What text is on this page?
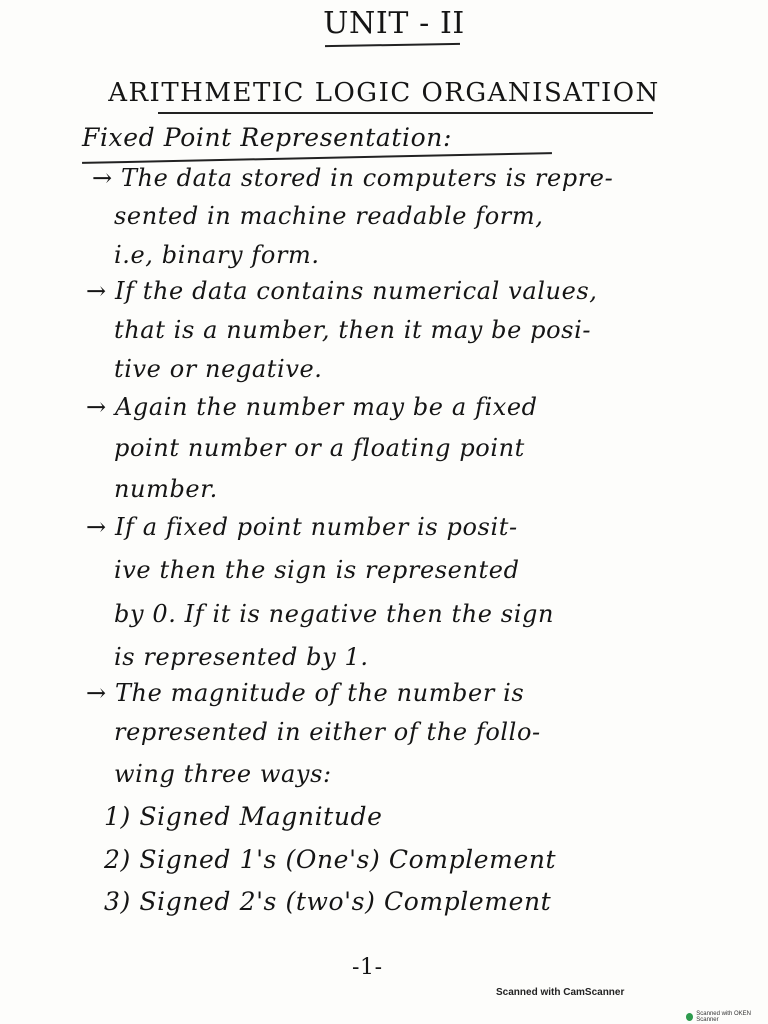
UNIT - II
ARITHMETIC LOGIC ORGANISATION
Fixed Point Representation:
→ The data stored in computers is repre-
sented in machine readable form,
i.e, binary form.
→ If the data contains numerical values,
that is a number, then it may be posi-
tive or negative.
→ Again the number may be a fixed
point number or a floating point
number.
→ If a fixed point number is posit-
ive then the sign is represented
by 0. If it is negative then the sign
is represented by 1.
→ The magnitude of the number is
represented in either of the follo-
wing three ways:
1) Signed Magnitude
2) Signed 1's (One's) Complement
3) Signed 2's (two's) Complement
-1-
Scanned with CamScanner
Scanned with OKEN Scanner
